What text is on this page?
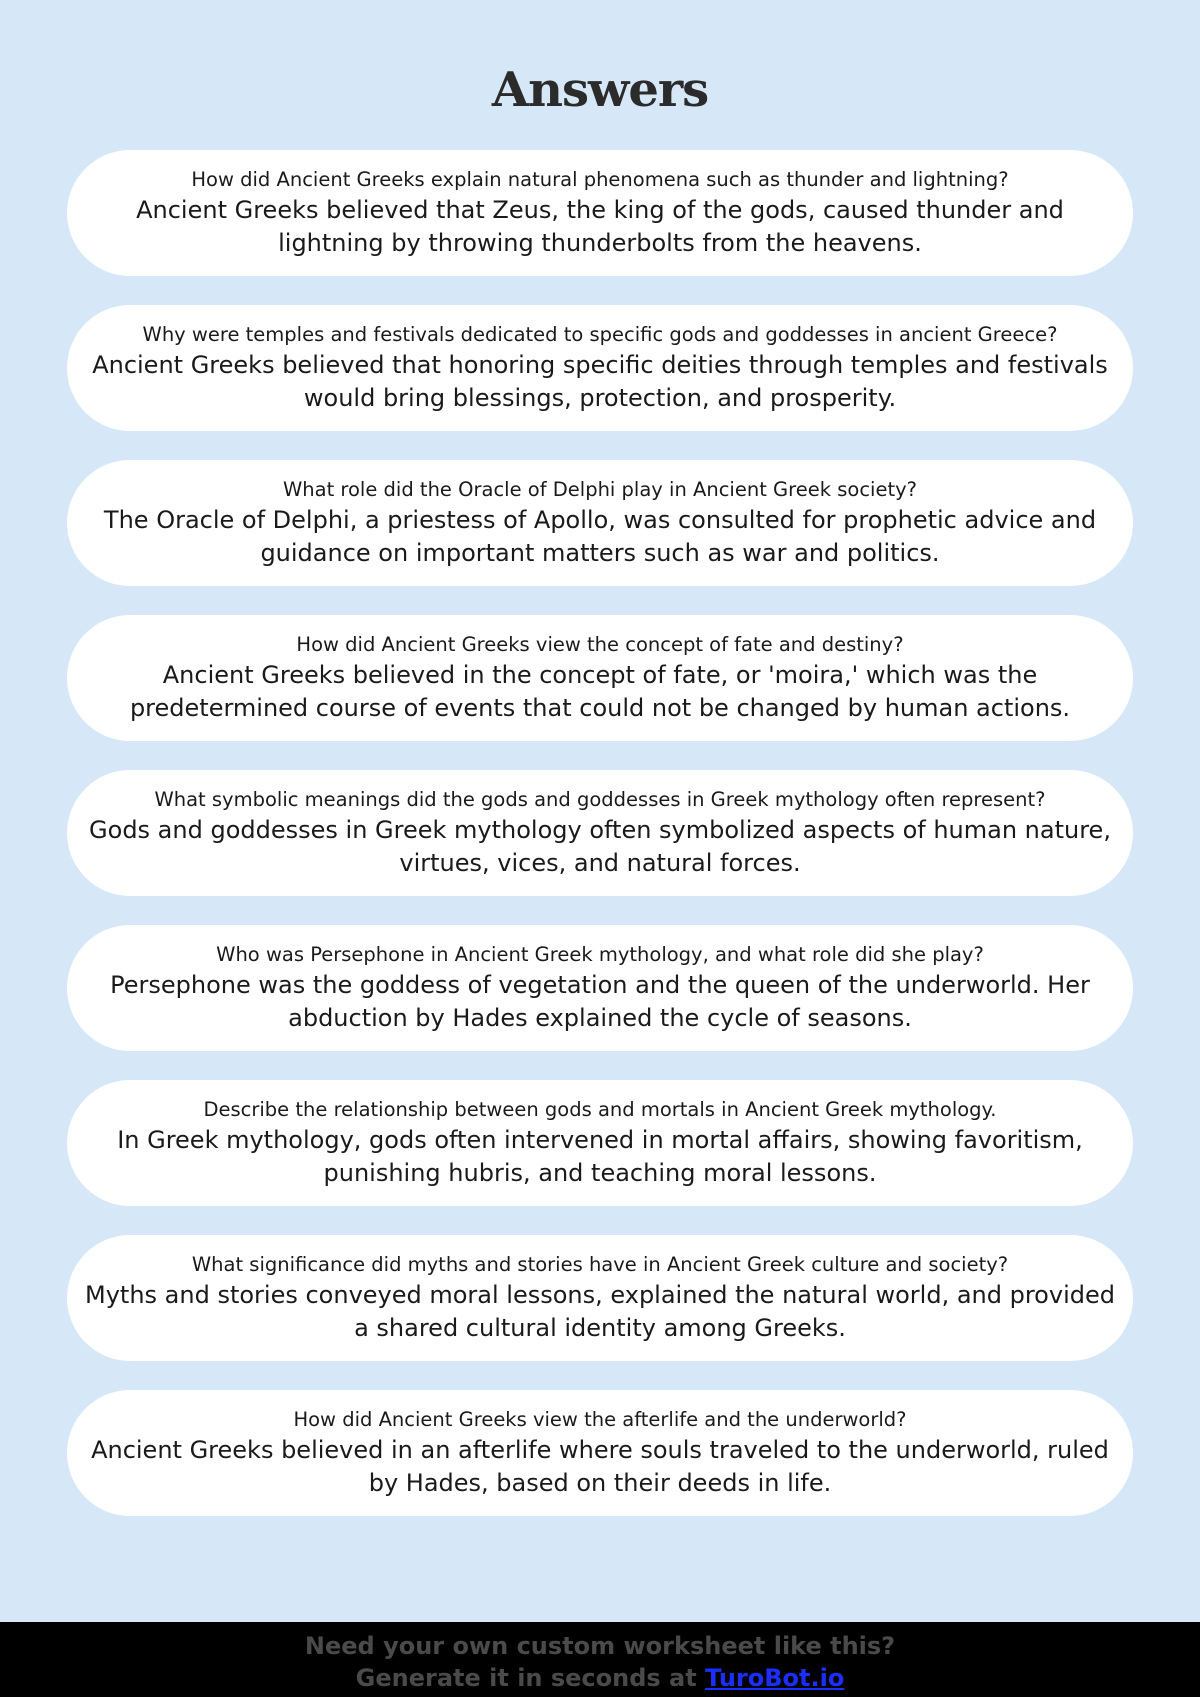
Answers
How did Ancient Greeks explain natural phenomena such as thunder and lightning?
Ancient Greeks believed that Zeus, the king of the gods, caused thunder and lightning by throwing thunderbolts from the heavens.
Why were temples and festivals dedicated to specific gods and goddesses in ancient Greece?
Ancient Greeks believed that honoring specific deities through temples and festivals would bring blessings, protection, and prosperity.
What role did the Oracle of Delphi play in Ancient Greek society?
The Oracle of Delphi, a priestess of Apollo, was consulted for prophetic advice and guidance on important matters such as war and politics.
How did Ancient Greeks view the concept of fate and destiny?
Ancient Greeks believed in the concept of fate, or 'moira,' which was the predetermined course of events that could not be changed by human actions.
What symbolic meanings did the gods and goddesses in Greek mythology often represent?
Gods and goddesses in Greek mythology often symbolized aspects of human nature, virtues, vices, and natural forces.
Who was Persephone in Ancient Greek mythology, and what role did she play?
Persephone was the goddess of vegetation and the queen of the underworld. Her abduction by Hades explained the cycle of seasons.
Describe the relationship between gods and mortals in Ancient Greek mythology.
In Greek mythology, gods often intervened in mortal affairs, showing favoritism, punishing hubris, and teaching moral lessons.
What significance did myths and stories have in Ancient Greek culture and society?
Myths and stories conveyed moral lessons, explained the natural world, and provided a shared cultural identity among Greeks.
How did Ancient Greeks view the afterlife and the underworld?
Ancient Greeks believed in an afterlife where souls traveled to the underworld, ruled by Hades, based on their deeds in life.
Need your own custom worksheet like this?
Generate it in seconds at TuroBot.io
